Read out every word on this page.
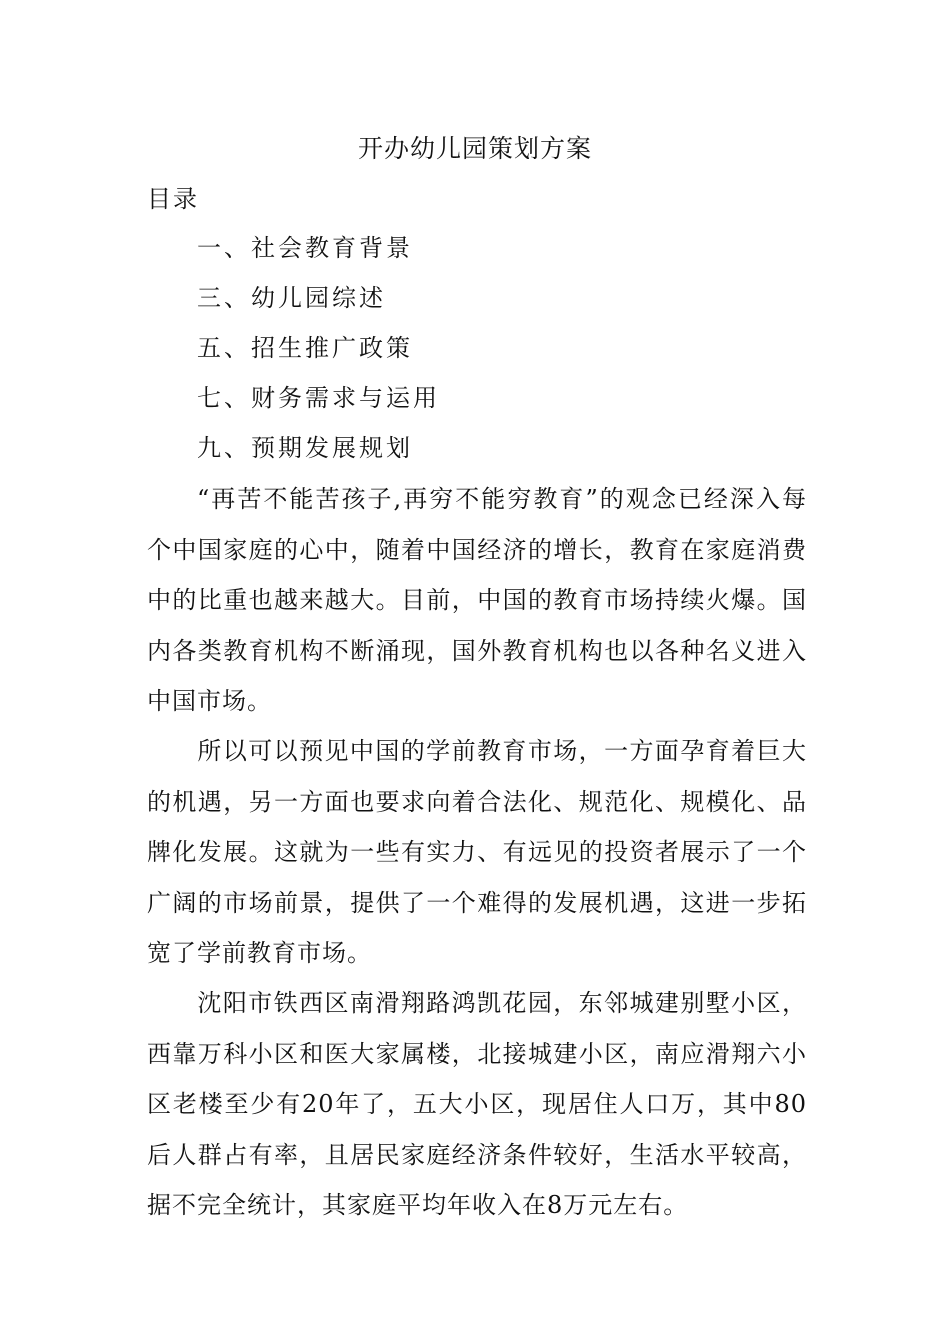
开办幼儿园策划方案
目录
一、社会教育背景
三、幼儿园综述
五、招生推广政策
七、财务需求与运用
九、预期发展规划
“再苦不能苦孩子,再穷不能穷教育”的观念已经深入每个中国家庭的心中，随着中国经济的增长，教育在家庭消费中的比重也越来越大。目前，中国的教育市场持续火爆。国内各类教育机构不断涌现，国外教育机构也以各种名义进入中国市场。
所以可以预见中国的学前教育市场，一方面孕育着巨大的机遇，另一方面也要求向着合法化、规范化、规模化、品牌化发展。这就为一些有实力、有远见的投资者展示了一个广阔的市场前景，提供了一个难得的发展机遇，这进一步拓宽了学前教育市场。
沈阳市铁西区南滑翔路鸿凯花园，东邻城建别墅小区，西靠万科小区和医大家属楼，北接城建小区，南应滑翔六小区老楼至少有20年了，五大小区，现居住人口万，其中80后人群占有率，且居民家庭经济条件较好，生活水平较高，据不完全统计，其家庭平均年收入在8万元左右。
